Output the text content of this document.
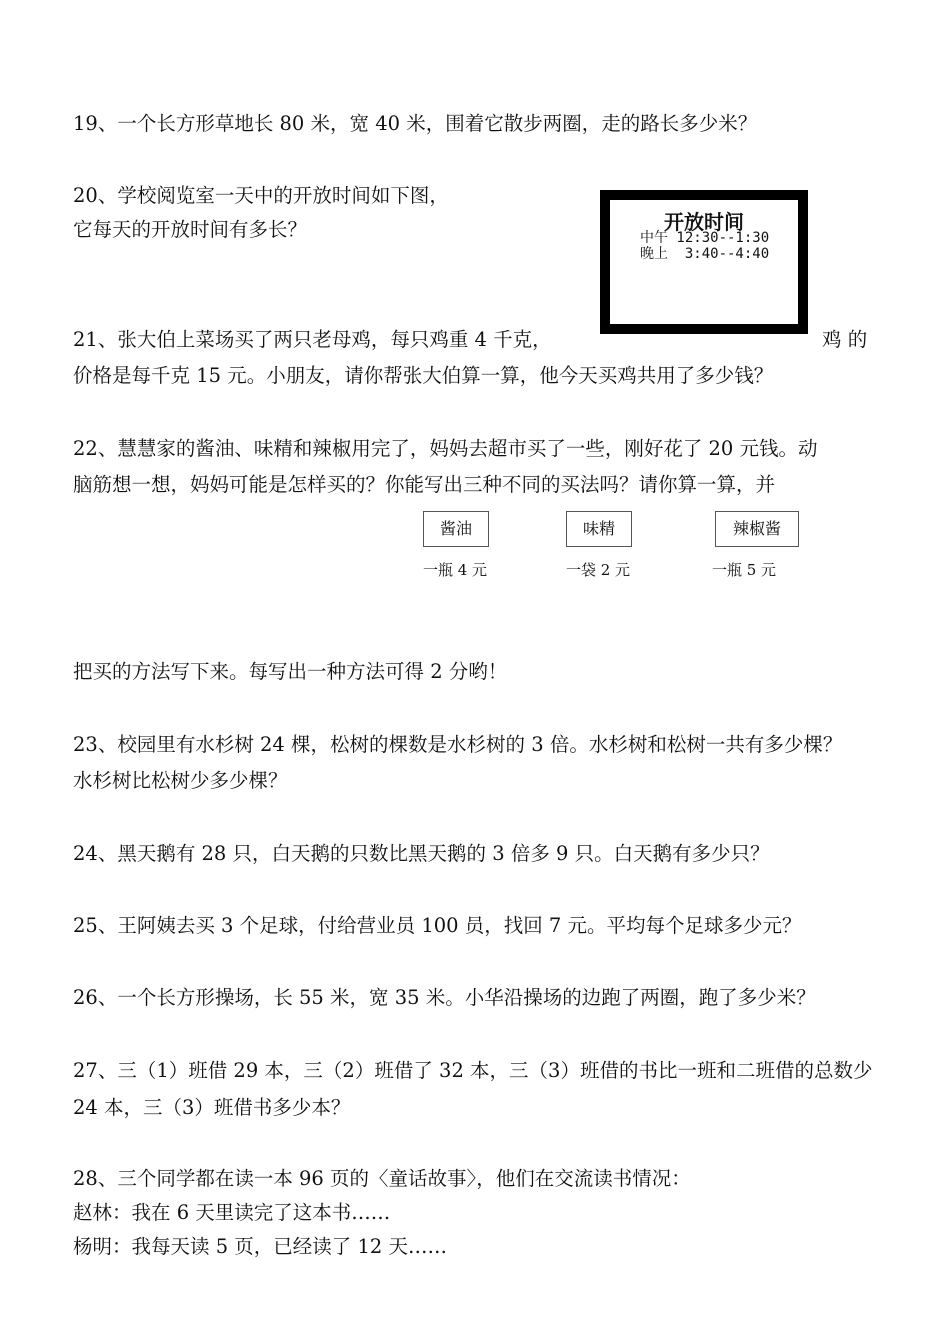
19、一个长方形草地长 80 米，宽 40 米，围着它散步两圈，走的路长多少米？
20、学校阅览室一天中的开放时间如下图，
它每天的开放时间有多长？	开放时间
中午 12:30--1:30
晚上  3:40--4:40
21、张大伯上菜场买了两只老母鸡，每只鸡重 4 千克，	鸡 的
价格是每千克 15 元。小朋友，请你帮张大伯算一算，他今天买鸡共用了多少钱？
22、慧慧家的酱油、味精和辣椒用完了，妈妈去超市买了一些，刚好花了 20 元钱。动
脑筋想一想，妈妈可能是怎样买的？你能写出三种不同的买法吗？请你算一算，并
酱油	味精	辣椒酱
一瓶 4 元	一袋 2 元	一瓶 5 元
把买的方法写下来。每写出一种方法可得 2 分哟！
23、校园里有水杉树 24 棵，松树的棵数是水杉树的 3 倍。水杉树和松树一共有多少棵？
水杉树比松树少多少棵？
24、黑天鹅有 28 只，白天鹅的只数比黑天鹅的 3 倍多 9 只。白天鹅有多少只？
25、王阿姨去买 3 个足球，付给营业员 100 员，找回 7 元。平均每个足球多少元？
26、一个长方形操场，长 55 米，宽 35 米。小华沿操场的边跑了两圈，跑了多少米？
27、三（1）班借 29 本，三（2）班借了 32 本，三（3）班借的书比一班和二班借的总数少
24 本，三（3）班借书多少本？
28、三个同学都在读一本 96 页的〈童话故事〉，他们在交流读书情况：
赵林：我在 6 天里读完了这本书……
杨明：我每天读 5 页，已经读了 12 天……
